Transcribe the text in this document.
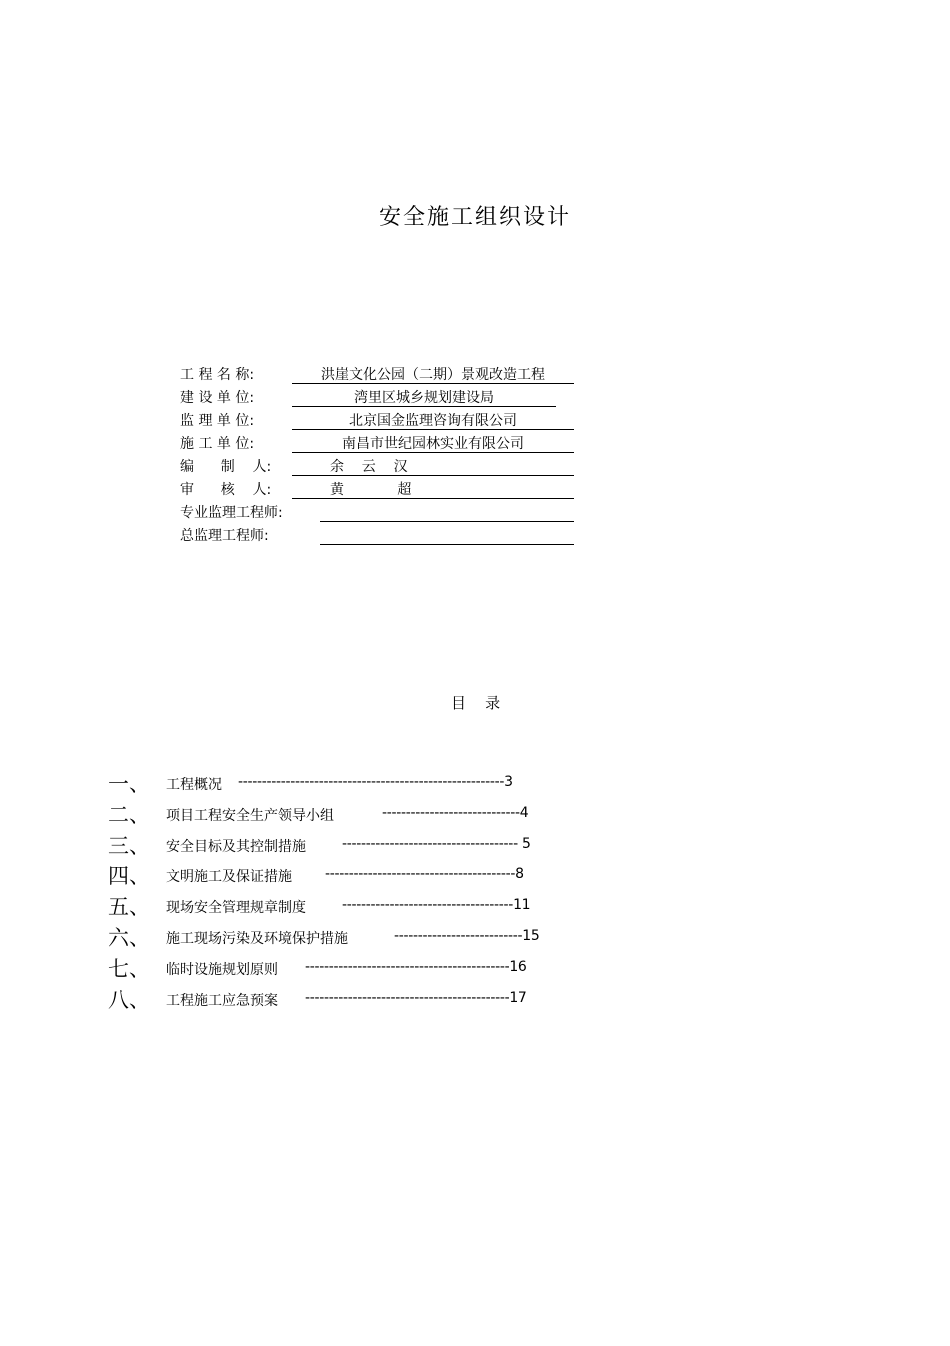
安全施工组织设计
工 程 名 称:	洪崖文化公园（二期）景观改造工程
建 设 单 位:	湾里区城乡规划建设局
监 理 单 位:	北京国金监理咨询有限公司
施 工 单 位:	南昌市世纪园林实业有限公司
编      制    人:	余    云    汉
审      核    人:	黄            超
专业监理工程师:
总监理工程师:
目    录
一、 工程概况 --------------------------------------------------------3
二、 项目工程安全生产领导小组	-----------------------------4
三、 安全目标及其控制措施	------------------------------------- 5
四、 文明施工及保证措施 ----------------------------------------8
五、 现场安全管理规章制度	------------------------------------11
六、 施工现场污染及环境保护措施	---------------------------15
七、 临时设施规划原则 -------------------------------------------16
八、 工程施工应急预案 -------------------------------------------17
